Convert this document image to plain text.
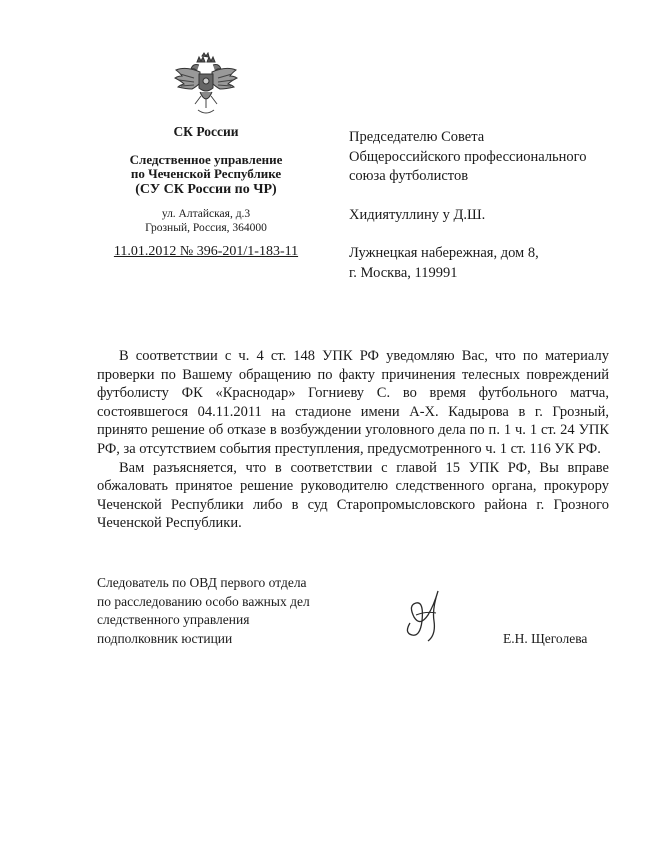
СК России
Следственное управление
по Чеченской Республике
(СУ СК России по ЧР)
ул. Алтайская, д.3
Грозный, Россия, 364000
11.01.2012 № 396-201/1-183-11
Председателю Совета
Общероссийского профессионального
союза футболистов
Хидиятуллину у Д.Ш.
Лужнецкая набережная, дом 8,
г. Москва, 119991

В соответствии с ч. 4 ст. 148 УПК РФ уведомляю Вас, что по материалу проверки по Вашему обращению по факту причинения телесных повреждений футболисту ФК «Краснодар» Гогниеву С. во время футбольного матча, состоявшегося 04.11.2011 на стадионе имени А-Х. Кадырова в г. Грозный, принято решение об отказе в возбуждении уголовного дела по п. 1 ч. 1 ст. 24 УПК РФ, за отсутствием события преступления, предусмотренного ч. 1 ст. 116 УК РФ.

Вам разъясняется, что в соответствии с главой 15 УПК РФ, Вы вправе обжаловать принятое решение руководителю следственного органа, прокурору Чеченской Республики либо в суд Старопромысловского района г. Грозного Чеченской Республики.

Следователь по ОВД первого отдела
по расследованию особо важных дел
следственного управления
подполковник юстиции	Е.Н. Щеголева
